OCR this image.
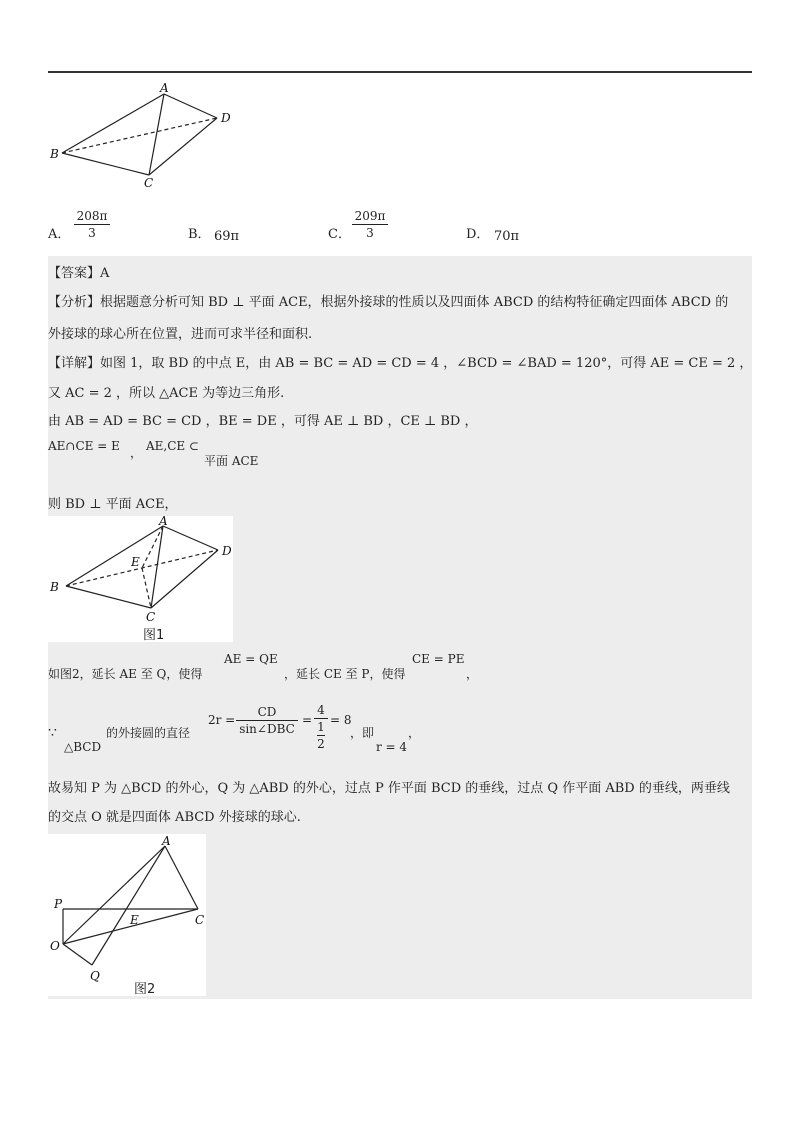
A
D
B
C
A．
208π
3	B． 69π	C．
209π
3	D． 70π
【答案】A
【分析】根据题意分析可知 BD ⊥ 平面 ACE，根据外接球的性质以及四面体 ABCD 的结构特征确定四面体 ABCD 的
外接球的球心所在位置，进而可求半径和面积.
【详解】如图 1，取 BD 的中点 E，由 AB = BC = AD = CD = 4 ，∠BCD = ∠BAD = 120°，可得 AE = CE = 2 ，
又 AC = 2 ，所以 △ACE 为等边三角形.
由 AB = AD = BC = CD ，BE = DE ，可得 AE ⊥ BD ，CE ⊥ BD ，
AE∩CE = E ， AE,CE ⊂
平面 ACE
则 BD ⊥ 平面 ACE，
A
D
B
E
C
图1
如图2，延长 AE 至 Q，使得
AE = QE
，延长 CE 至 P，使得
CE = PE
，
∵
△BCD
的外接圆的直径
2r =
CD
sin∠DBC
=
4
1
2
= 8
，即
r = 4
，
故易知 P 为 △BCD 的外心，Q 为 △ABD 的外心，过点 P 作平面 BCD 的垂线，过点 Q 作平面 ABD 的垂线，两垂线
的交点 O 就是四面体 ABCD 外接球的球心.
A
P
E	C
O
Q
图2
